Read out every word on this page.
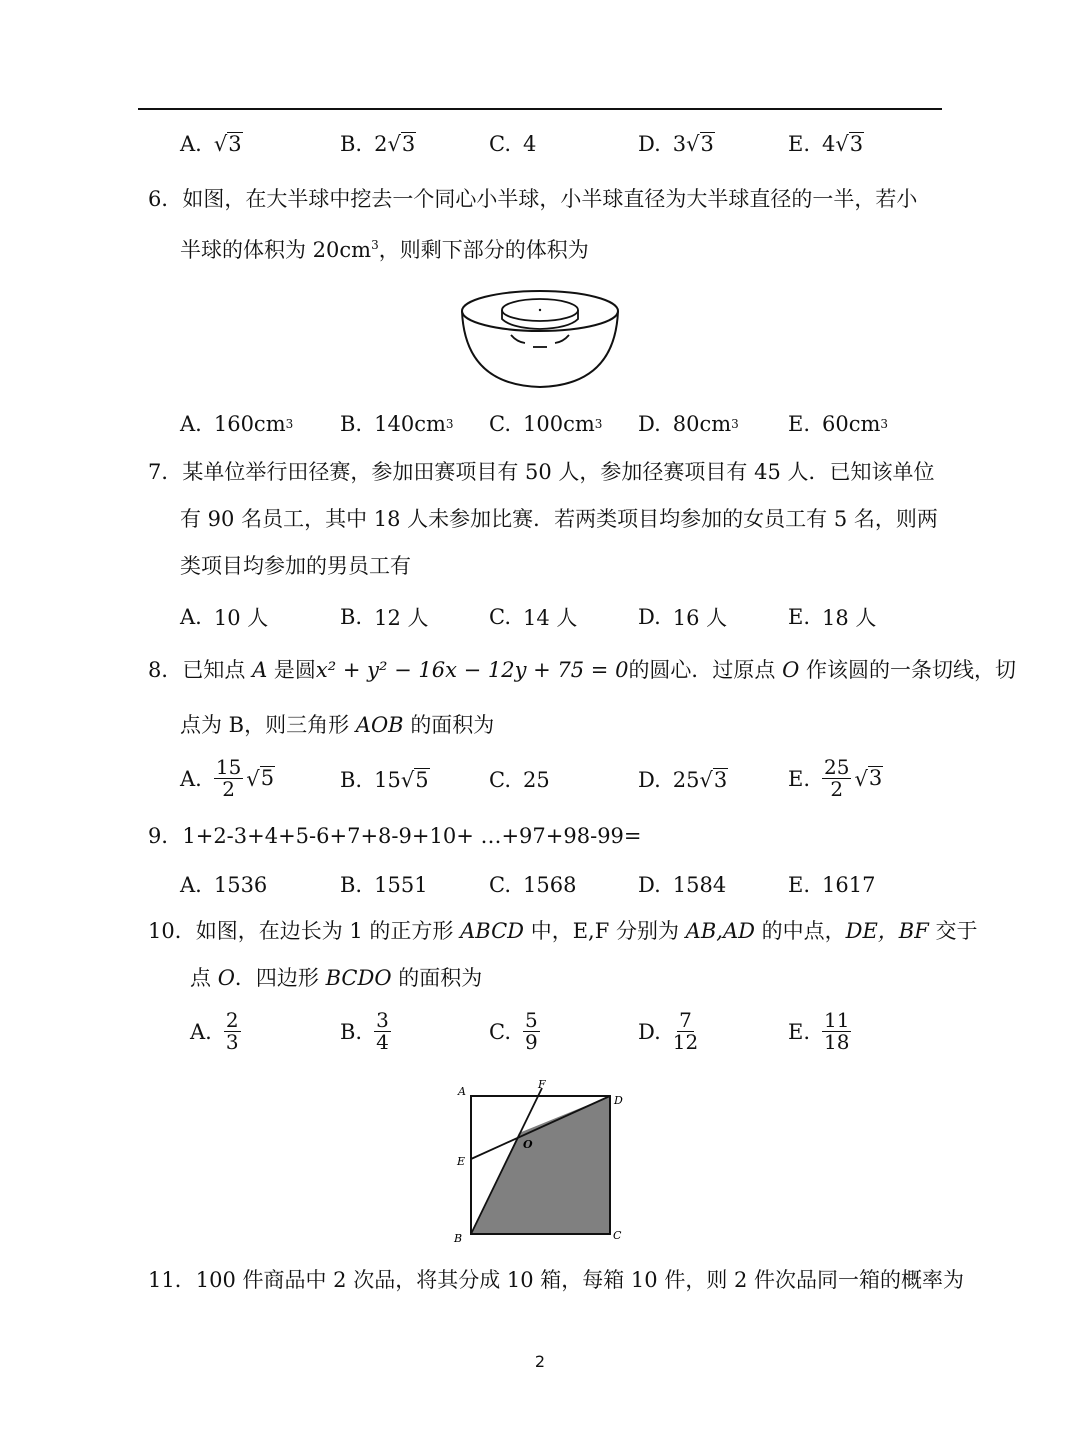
A. √ 3	B. 2 √ 3	C. 4	D. 3 √ 3	E. 4 √ 3
6．如图，在大半球中挖去一个同心小半球，小半球直径为大半球直径的一半，若小
半球的体积为 $20cm^3$，则剩下部分的体积为
A. 160cm 3 B. 140cm 3 C. 100cm 3 D. 80cm 3 E. 60cm 3
7．某单位举行田径赛，参加田赛项目有 50 人，参加径赛项目有 45 人．已知该单位
有 90 名员工，其中 18 人未参加比赛．若两类项目均参加的女员工有 5 名，则两
类项目均参加的男员工有
A. 10 人	B. 12 人	C. 14 人	D. 16 人	E. 18 人
8．已知点 A 是圆x² + y² − 16x − 12y + 75 = 0的圆心．过原点 O 作该圆的一条切线，切
点为 B，则三角形 AOB 的面积为
A. $\frac{15}{2}$ √ 5	B. 15 √ 5	C. 25	D. 25 √ 3	E. $\frac{25}{2}$ √ 3
9．1+2-3+4+5-6+7+8-9+10+ …+97+98-99=
A. 1536	B. 1551	C. 1568	D. 1584	E. 1617
10．如图，在边长为 1 的正方形 ABCD 中，E,F 分别为 AB,AD 的中点，DE，BF 交于
点 O．四边形 BCDO 的面积为
A. $\frac{2}{3}$	B. $\frac{3}{4}$	C. $\frac{5}{9}$	D. $\frac{7}{12}$	E. $\frac{11}{18}$
A
B	C
D
E
F
O
11．100 件商品中 2 次品，将其分成 10 箱，每箱 10 件，则 2 件次品同一箱的概率为
2
